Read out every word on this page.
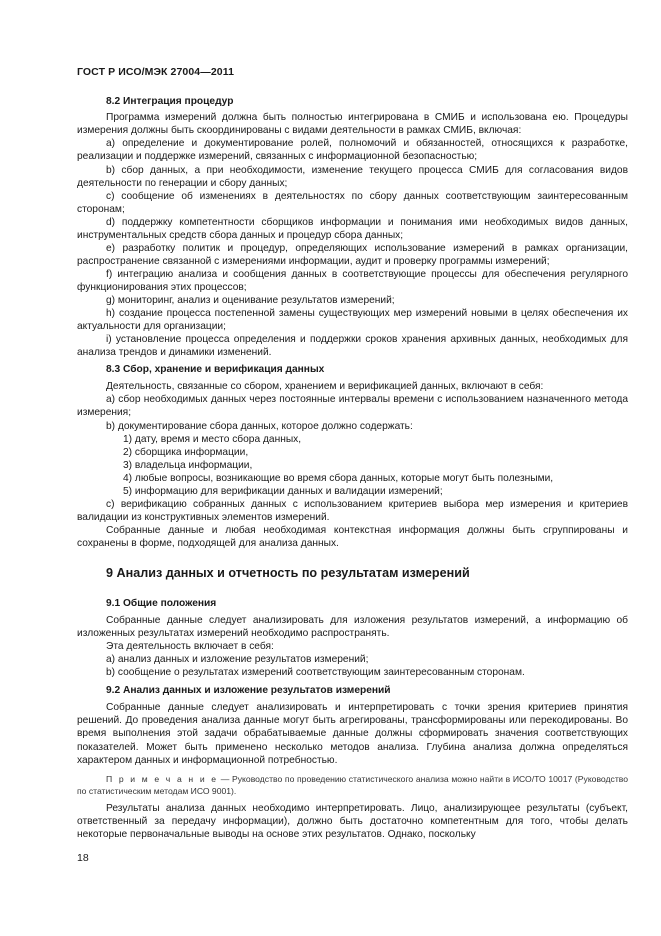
ГОСТ Р ИСО/МЭК 27004—2011
8.2 Интеграция процедур

Программа измерений должна быть полностью интегрирована в СМИБ и использована ею. Процедуры измерения должны быть скоординированы с видами деятельности в рамках СМИБ, включая:

a) определение и документирование ролей, полномочий и обязанностей, относящихся к разработке, реализации и поддержке измерений, связанных с информационной безопасностью;

b) сбор данных, а при необходимости, изменение текущего процесса СМИБ для согласования видов деятельности по генерации и сбору данных;

c) сообщение об изменениях в деятельностях по сбору данных соответствующим заинтересованным сторонам;

d) поддержку компетентности сборщиков информации и понимания ими необходимых видов данных, инструментальных средств сбора данных и процедур сбора данных;

e) разработку политик и процедур, определяющих использование измерений в рамках организации, распространение связанной с измерениями информации, аудит и проверку программы измерений;

f) интеграцию анализа и сообщения данных в соответствующие процессы для обеспечения регулярного функционирования этих процессов;

g) мониторинг, анализ и оценивание результатов измерений;

h) создание процесса постепенной замены существующих мер измерений новыми в целях обеспечения их актуальности для организации;

i) установление процесса определения и поддержки сроков хранения архивных данных, необходимых для анализа трендов и динамики изменений.

8.3 Сбор, хранение и верификация данных

Деятельность, связанные со сбором, хранением и верификацией данных, включают в себя:

a) сбор необходимых данных через постоянные интервалы времени с использованием назначенного метода измерения;

b) документирование сбора данных, которое должно содержать:

1) дату, время и место сбора данных,

2) сборщика информации,

3) владельца информации,

4) любые вопросы, возникающие во время сбора данных, которые могут быть полезными,

5) информацию для верификации данных и валидации измерений;

c) верификацию собранных данных с использованием критериев выбора мер измерения и критериев валидации из конструктивных элементов измерений.

Собранные данные и любая необходимая контекстная информация должны быть сгруппированы и сохранены в форме, подходящей для анализа данных.

9 Анализ данных и отчетность по результатам измерений
9.1 Общие положения

Собранные данные следует анализировать для изложения результатов измерений, а информацию об изложенных результатах измерений необходимо распространять.

Эта деятельность включает в себя:

a) анализ данных и изложение результатов измерений;

b) сообщение о результатах измерений соответствующим заинтересованным сторонам.

9.2 Анализ данных и изложение результатов измерений

Собранные данные следует анализировать и интерпретировать с точки зрения критериев принятия решений. До проведения анализа данные могут быть агрегированы, трансформированы или перекодированы. Во время выполнения этой задачи обрабатываемые данные должны сформировать значения соответствующих показателей. Может быть применено несколько методов анализа. Глубина анализа должна определяться характером данных и информационной потребностью.

П р и м е ч а н и е — Руководство по проведению статистического анализа можно найти в ИСО/ТО 10017 (Руководство по статистическим методам ИСО 9001).

Результаты анализа данных необходимо интерпретировать. Лицо, анализирующее результаты (субъект, ответственный за передачу информации), должно быть достаточно компетентным для того, чтобы делать некоторые первоначальные выводы на основе этих результатов. Однако, поскольку

18
